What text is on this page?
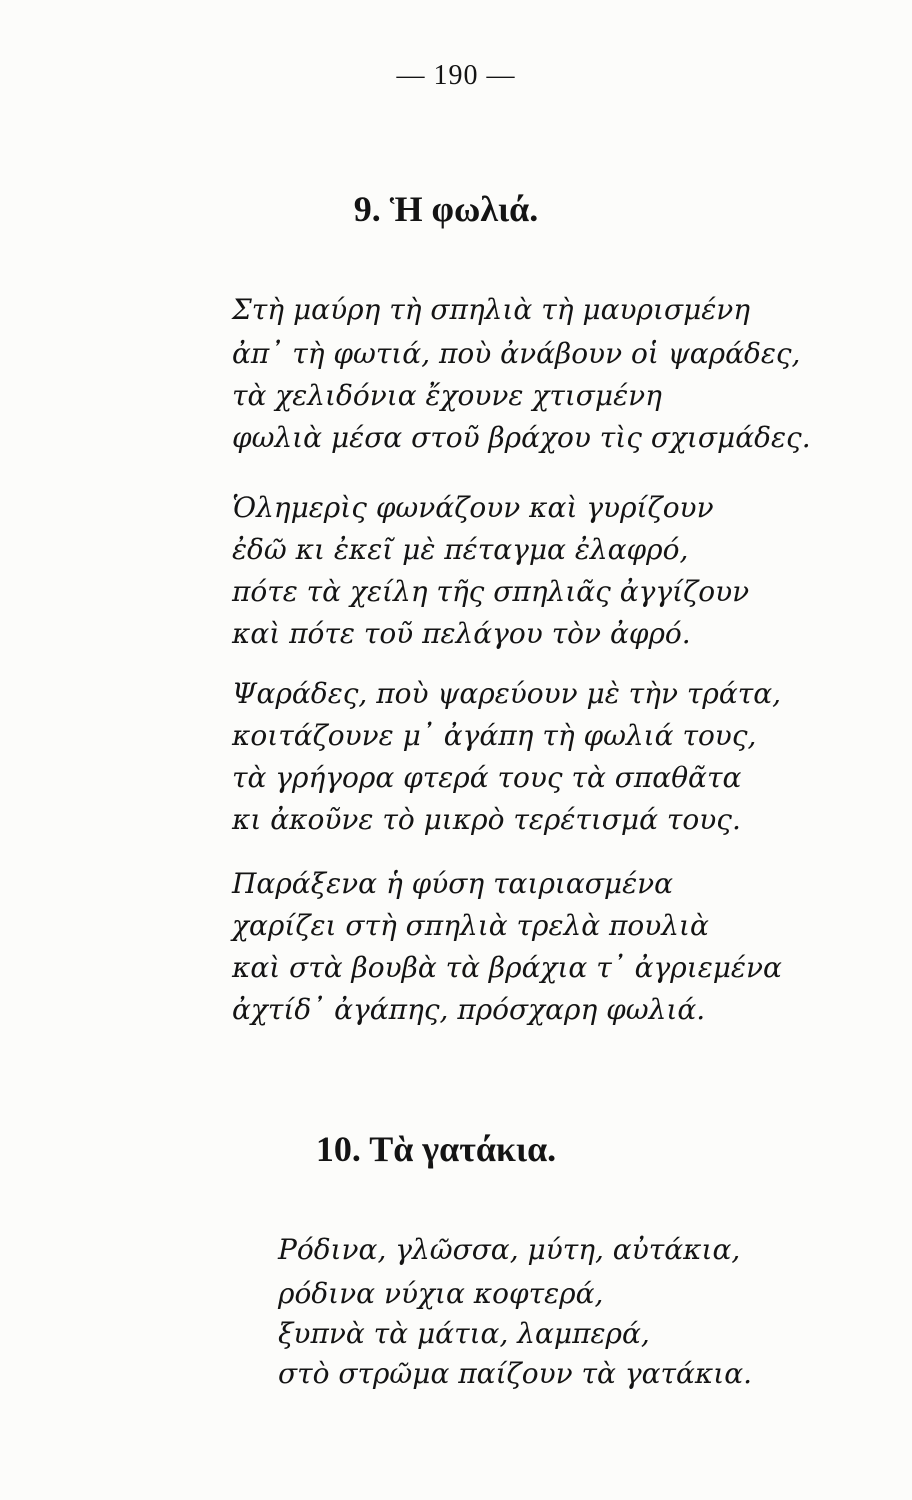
— 190 —
9. Ἡ φωλιά.
Στὴ μαύρη τὴ σπηλιὰ τὴ μαυρισμένη
ἀπ᾿ τὴ φωτιά, ποὺ ἀνάβουν οἱ ψαράδες,
τὰ χελιδόνια ἔχουνε χτισμένη
φωλιὰ μέσα στοῦ βράχου τὶς σχισμάδες.
Ὁλημερὶς φωνάζουν καὶ γυρίζουν
ἐδῶ κι ἐκεῖ μὲ πέταγμα ἐλαφρό,
πότε τὰ χείλη τῆς σπηλιᾶς ἀγγίζουν
καὶ πότε τοῦ πελάγου τὸν ἀφρό.
Ψαράδες, ποὺ ψαρεύουν μὲ τὴν τράτα,
κοιτάζουνε μ᾿ ἀγάπη τὴ φωλιά τους,
τὰ γρήγορα φτερά τους τὰ σπαθᾶτα
κι ἀκοῦνε τὸ μικρὸ τερέτισμά τους.
Παράξενα ἡ φύση ταιριασμένα
χαρίζει στὴ σπηλιὰ τρελὰ πουλιὰ
καὶ στὰ βουβὰ τὰ βράχια τ᾿ ἀγριεμένα
ἀχτίδ᾿ ἀγάπης, πρόσχαρη φωλιά.
10. Τὰ γατάκια.
Ρόδινα, γλῶσσα, μύτη, αὐτάκια,
ρόδινα νύχια κοφτερά,
ξυπνὰ τὰ μάτια, λαμπερά,
στὸ στρῶμα παίζουν τὰ γατάκια.
